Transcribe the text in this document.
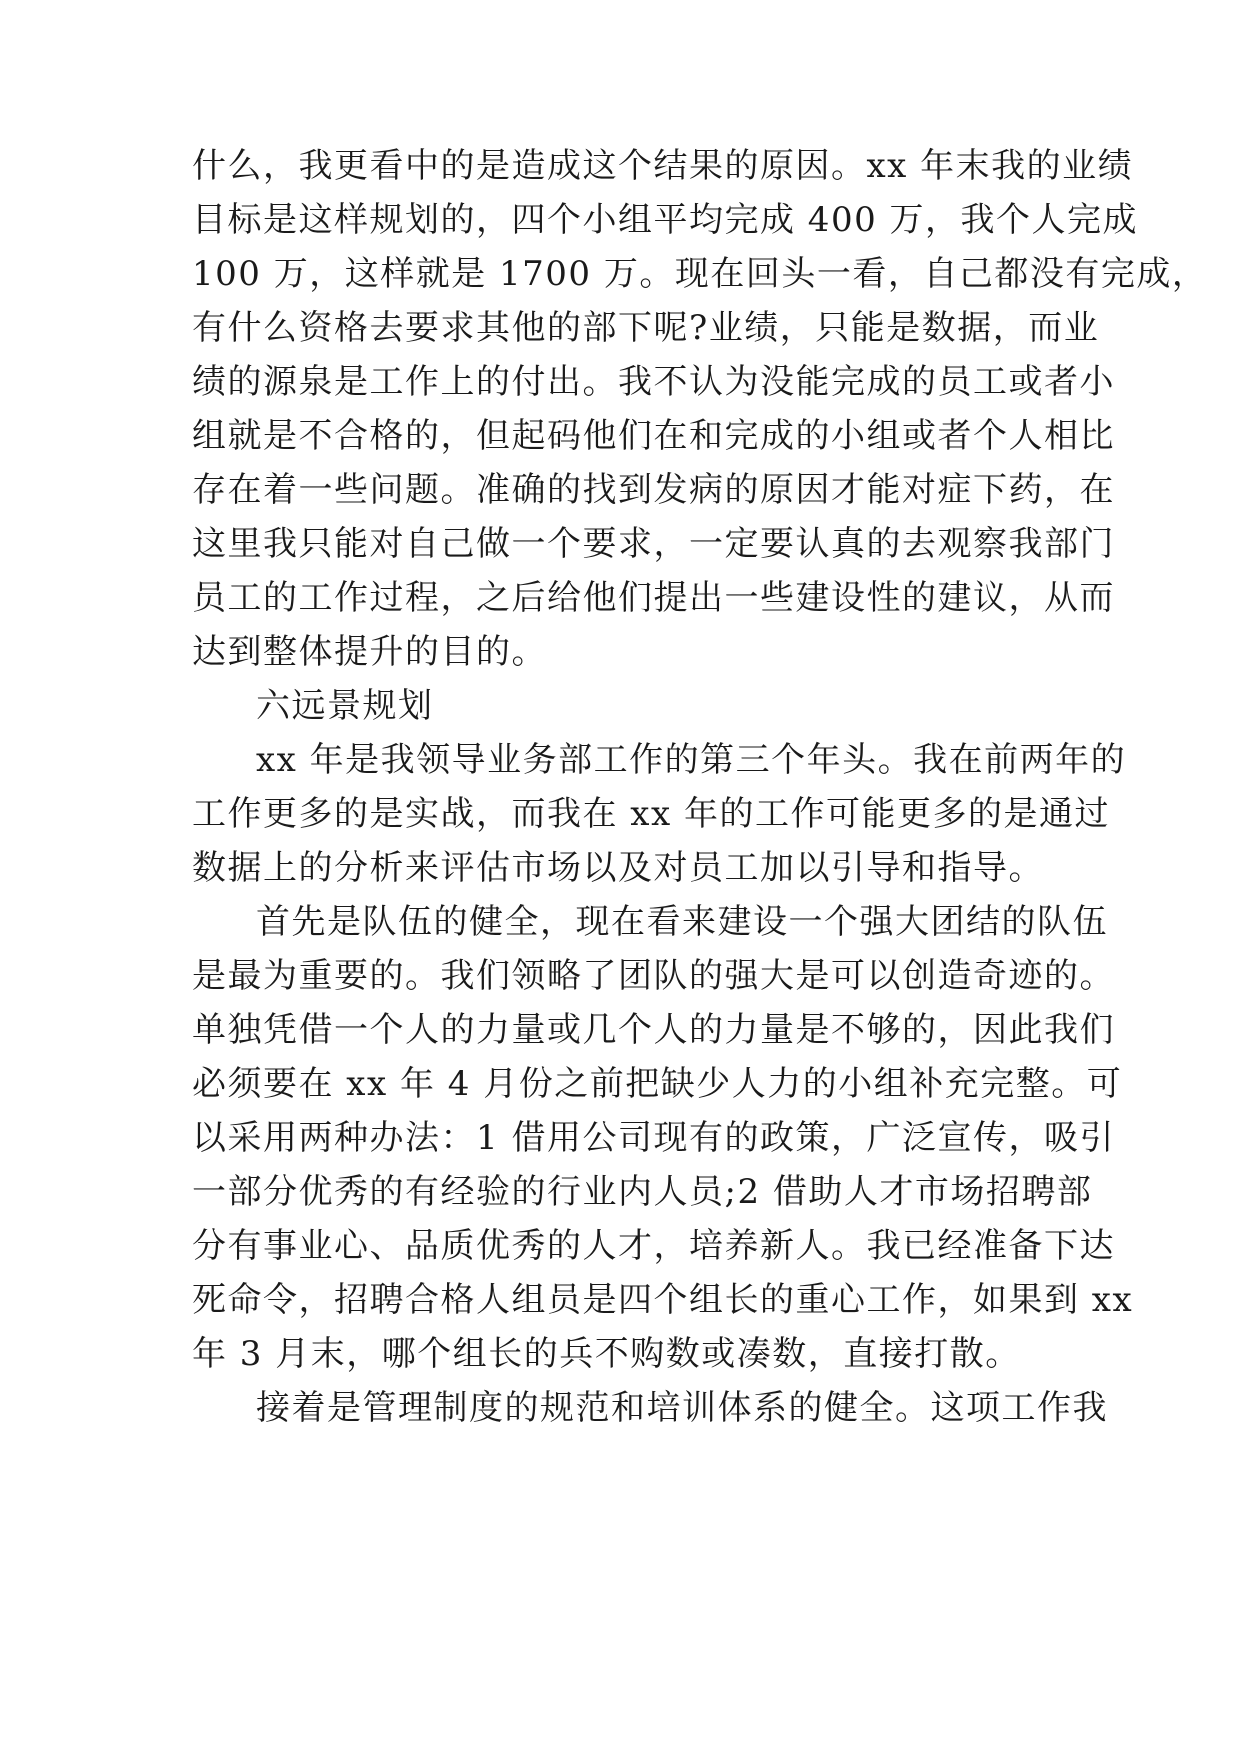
什么，我更看中的是造成这个结果的原因。xx 年末我的业绩

目标是这样规划的，四个小组平均完成 400 万，我个人完成

100 万，这样就是 1700 万。现在回头一看，自己都没有完成，

有什么资格去要求其他的部下呢?业绩，只能是数据，而业

绩的源泉是工作上的付出。我不认为没能完成的员工或者小

组就是不合格的，但起码他们在和完成的小组或者个人相比

存在着一些问题。准确的找到发病的原因才能对症下药，在

这里我只能对自己做一个要求，一定要认真的去观察我部门

员工的工作过程，之后给他们提出一些建设性的建议，从而

达到整体提升的目的。

六远景规划

xx 年是我领导业务部工作的第三个年头。我在前两年的

工作更多的是实战，而我在 xx 年的工作可能更多的是通过

数据上的分析来评估市场以及对员工加以引导和指导。

首先是队伍的健全，现在看来建设一个强大团结的队伍

是最为重要的。我们领略了团队的强大是可以创造奇迹的。

单独凭借一个人的力量或几个人的力量是不够的，因此我们

必须要在 xx 年 4 月份之前把缺少人力的小组补充完整。可

以采用两种办法：1 借用公司现有的政策，广泛宣传，吸引

一部分优秀的有经验的行业内人员;2 借助人才市场招聘部

分有事业心、品质优秀的人才，培养新人。我已经准备下达

死命令，招聘合格人组员是四个组长的重心工作，如果到 xx

年 3 月末，哪个组长的兵不购数或凑数，直接打散。

接着是管理制度的规范和培训体系的健全。这项工作我
